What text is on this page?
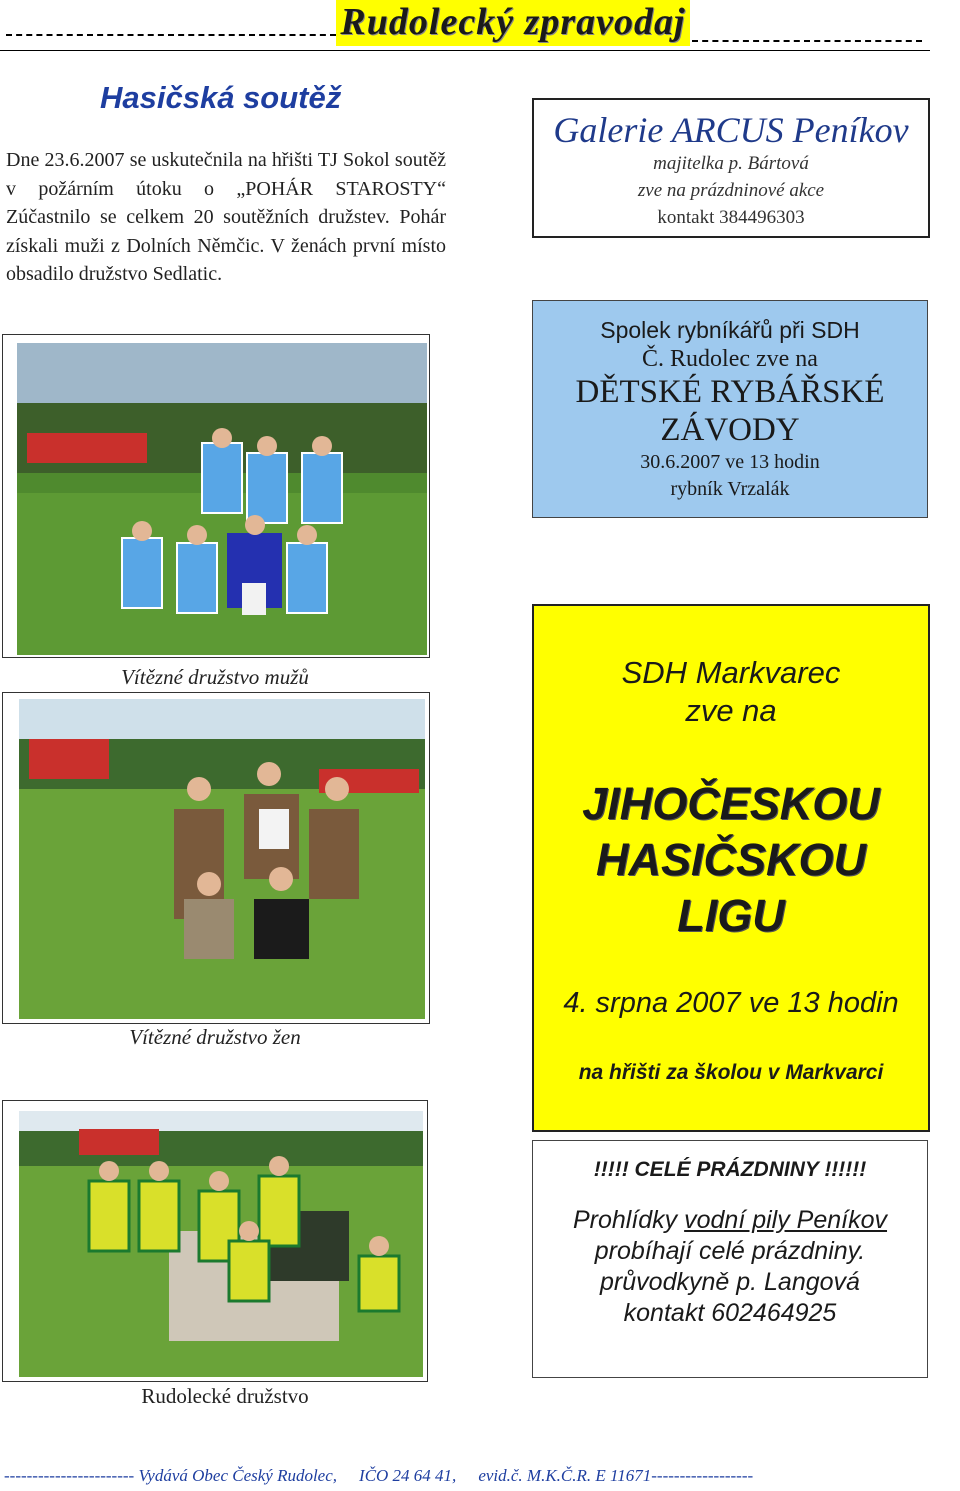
Rudolecký zpravodaj
Hasičská soutěž
Dne 23.6.2007 se uskutečnila na hřišti TJ Sokol soutěž v požárním útoku o „POHÁR STAROSTY“ Zúčastnilo se celkem 20 soutěžních družstev. Pohár získali muži z Dolních Němčic. V ženách první místo obsadilo družstvo Sedlatic.
Vítězné družstvo mužů
Vítězné družstvo žen
Rudolecké družstvo
Galerie ARCUS Peníkov
majitelka p. Bártová
zve na prázdninové akce
kontakt 384496303
Spolek rybníkářů při SDH
Č. Rudolec zve na
DĚTSKÉ RYBÁŘSKÉ
ZÁVODY
30.6.2007 ve 13 hodin
rybník Vrzalák
SDH Markvarec
zve na
JIHOČESKOU
HASIČSKOU
LIGU
4. srpna 2007 ve 13 hodin
na hřišti za školou v Markvarci
!!!!! CELÉ PRÁZDNINY !!!!!!
Prohlídky vodní pily Peníkov
probíhají celé prázdniny.
průvodkyně p. Langová
kontakt 602464925
----------------------- Vydává Obec Český Rudolec, IČO 24 64 41, evid.č. M.K.Č.R. E 11671------------------
